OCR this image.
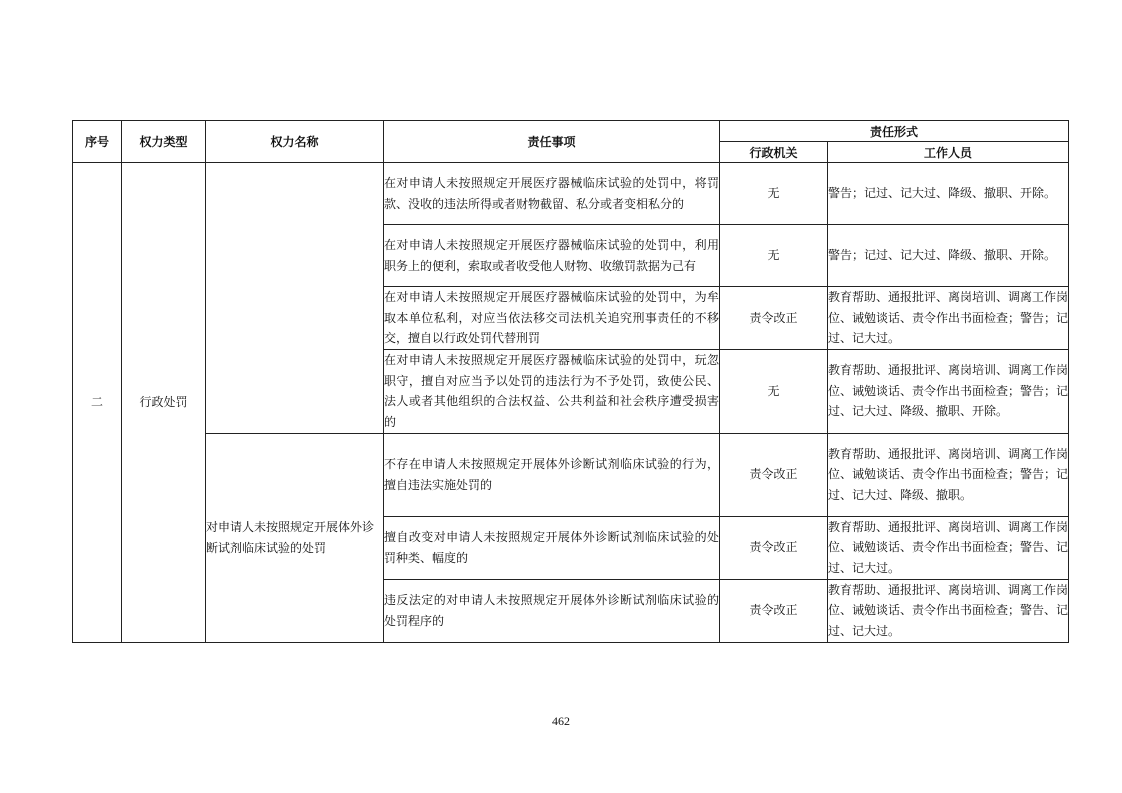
序号	权力类型	权力名称	责任事项	责任形式	
				行政机关	工作人员
二	行政处罚		在对申请人未按照规定开展医疗器械临床试验的处罚中，将罚款、没收的违法所得或者财物截留、私分或者变相私分的	无	警告；记过、记大过、降级、撤职、开除。
			在对申请人未按照规定开展医疗器械临床试验的处罚中，利用职务上的便利，索取或者收受他人财物、收缴罚款据为己有	无	警告；记过、记大过、降级、撤职、开除。
			在对申请人未按照规定开展医疗器械临床试验的处罚中，为牟取本单位私利，对应当依法移交司法机关追究刑事责任的不移交，擅自以行政处罚代替刑罚	责令改正	教育帮助、通报批评、离岗培训、调离工作岗位、诫勉谈话、责令作出书面检查；警告；记过、记大过。
			在对申请人未按照规定开展医疗器械临床试验的处罚中，玩忽职守，擅自对应当予以处罚的违法行为不予处罚，致使公民、法人或者其他组织的合法权益、公共利益和社会秩序遭受损害的	无	教育帮助、通报批评、离岗培训、调离工作岗位、诫勉谈话、责令作出书面检查；警告；记过、记大过、降级、撤职、开除。
		对申请人未按照规定开展体外诊断试剂临床试验的处罚	不存在申请人未按照规定开展体外诊断试剂临床试验的行为，擅自违法实施处罚的	责令改正	教育帮助、通报批评、离岗培训、调离工作岗位、诫勉谈话、责令作出书面检查；警告；记过、记大过、降级、撤职。
			擅自改变对申请人未按照规定开展体外诊断试剂临床试验的处罚种类、幅度的	责令改正	教育帮助、通报批评、离岗培训、调离工作岗位、诫勉谈话、责令作出书面检查；警告、记过、记大过。
			违反法定的对申请人未按照规定开展体外诊断试剂临床试验的处罚程序的	责令改正	教育帮助、通报批评、离岗培训、调离工作岗位、诫勉谈话、责令作出书面检查；警告、记过、记大过。
462
